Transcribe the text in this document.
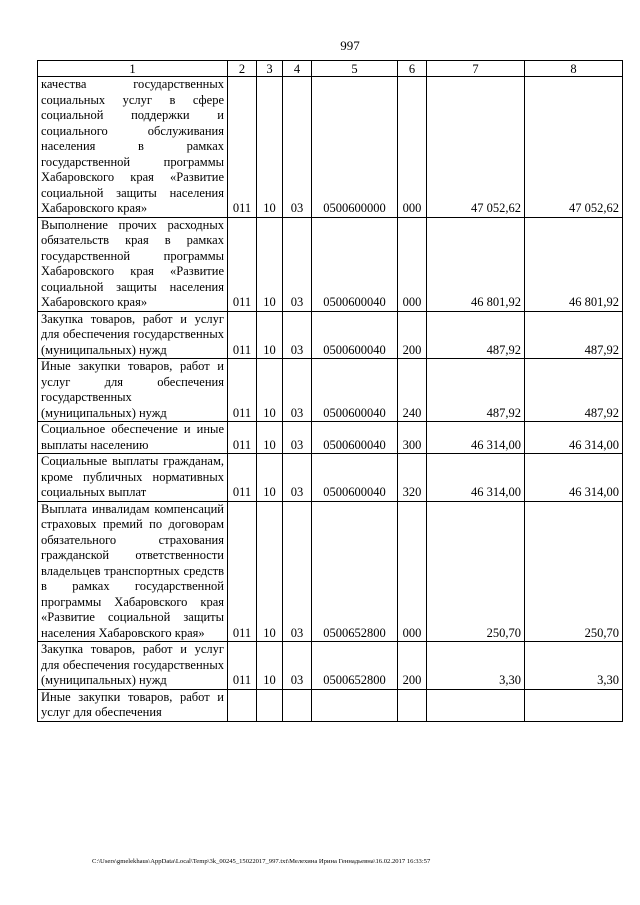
997
1	2	3	4	5	6	7	8
качества государственных социальных услуг в сфере социальной поддержки и социального обслуживания населения в рамках государственной программы Хабаровского края «Развитие социальной защиты населения Хабаровского края»	011	10	03	0500600000	000	47 052,62	47 052,62
Выполнение прочих расходных обязательств края в рамках государственной программы Хабаровского края «Развитие социальной защиты населения Хабаровского края»	011	10	03	0500600040	000	46 801,92	46 801,92
Закупка товаров, работ и услуг для обеспечения государственных (муниципальных) нужд	011	10	03	0500600040	200	487,92	487,92
Иные закупки товаров, работ и услуг для обеспечения государственных (муниципальных) нужд	011	10	03	0500600040	240	487,92	487,92
Социальное обеспечение и иные выплаты населению	011	10	03	0500600040	300	46 314,00	46 314,00
Социальные выплаты гражданам, кроме публичных нормативных социальных выплат	011	10	03	0500600040	320	46 314,00	46 314,00
Выплата инвалидам компенсаций страховых премий по договорам обязательного страхования гражданской ответственности владельцев транспортных средств в рамках государственной программы Хабаровского края «Развитие социальной защиты населения Хабаровского края»	011	10	03	0500652800	000	250,70	250,70
Закупка товаров, работ и услуг для обеспечения государственных (муниципальных) нужд	011	10	03	0500652800	200	3,30	3,30
Иные закупки товаров, работ и услуг для обеспечения							
C:\Users\gmelekhaus\AppData\Local\Temp\3k_00245_15022017_997.txt\Мелехина Ирина Геннадьевна\16.02.2017 16:33:57
